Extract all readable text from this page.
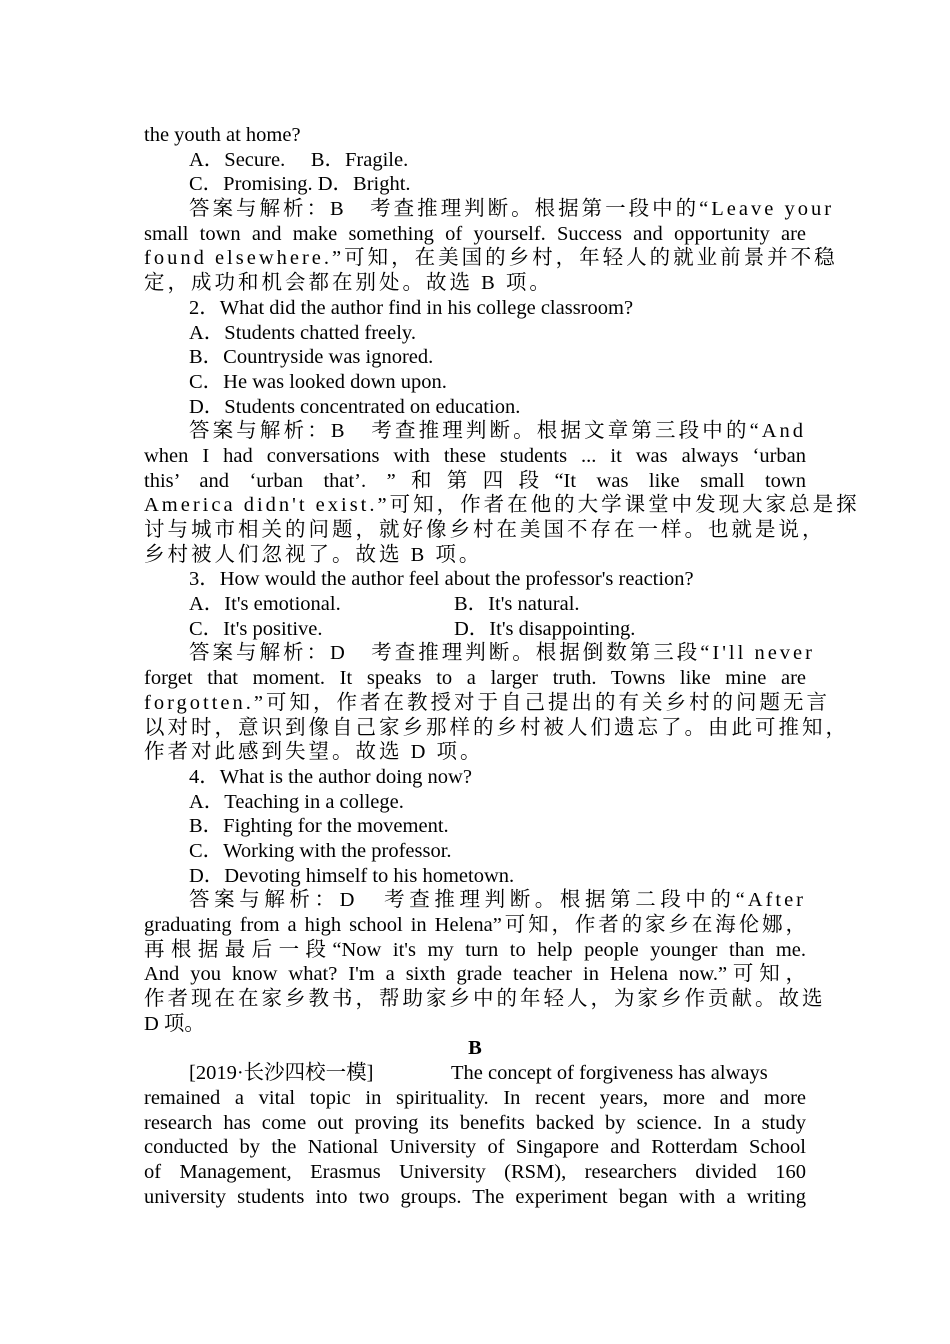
the youth at home?
A．Secure.　 B．Fragile.
C．Promising. D．Bright.
答案与解析：B　考查推理判断。根据第一段中的“Leave your
small town and make something of yourself. Success and opportunity are
found elsewhere.”可知，在美国的乡村，年轻人的就业前景并不稳
定，成功和机会都在别处。故选 B 项。
2．What did the author find in his college classroom?
A．Students chatted freely.
B．Countryside was ignored.
C．He was looked down upon.
D．Students concentrated on education.
答案与解析：B　考查推理判断。根据文章第三段中的“And
when I had conversations with these students ... it was always ‘urban
this’ and ‘urban that’. ”和第四段“It was like small town
America didn't exist.”可知，作者在他的大学课堂中发现大家总是探
讨与城市相关的问题，就好像乡村在美国不存在一样。也就是说，
乡村被人们忽视了。故选 B 项。
3．How would the author feel about the professor's reaction?
A．It's emotional.	B．It's natural.
C．It's positive.	D．It's disappointing.
答案与解析：D　考查推理判断。根据倒数第三段“I'll never
forget that moment. It speaks to a larger truth. Towns like mine are
forgotten.”可知，作者在教授对于自己提出的有关乡村的问题无言
以对时，意识到像自己家乡那样的乡村被人们遗忘了。由此可推知，
作者对此感到失望。故选 D 项。
4．What is the author doing now?
A．Teaching in a college.
B．Fighting for the movement.
C．Working with the professor.
D．Devoting himself to his hometown.
答案与解析：D　考查推理判断。根据第二段中的“After
graduating from a high school in Helena”可知，作者的家乡在海伦娜，
再根据最后一段“Now it's my turn to help people younger than me.
And you know what? I'm a sixth grade teacher in Helena now.”可知，
作者现在在家乡教书，帮助家乡中的年轻人，为家乡作贡献。故选
D 项。
B
[2019·长沙四校一模]	The concept of forgiveness has always
remained a vital topic in spirituality. In recent years, more and more
research has come out proving its benefits backed by science. In a study
conducted by the National University of Singapore and Rotterdam School
of Management, Erasmus University (RSM), researchers divided 160
university students into two groups. The experiment began with a writing
